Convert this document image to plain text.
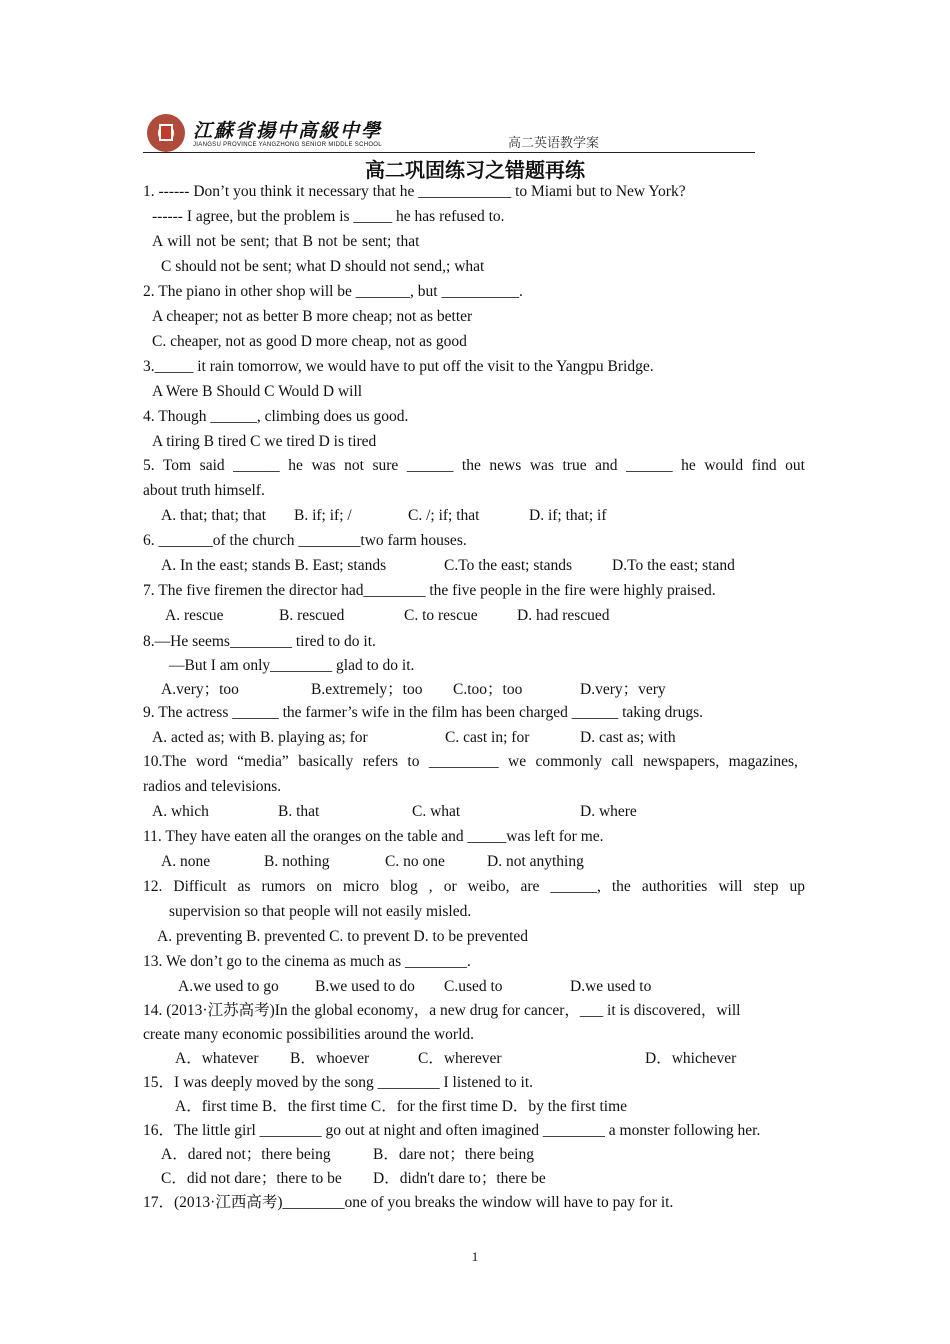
江蘇省揚中高級中學
JIANGSU PROVINCE YANGZHONG SENIOR MIDDLE SCHOOL	高二英语教学案
高二巩固练习之错题再练
1. ------ Don’t you think it necessary that he ____________ to Miami but to New York?
------ I agree, but the problem is _____ he has refused to.
A will not be sent; that B not be sent; that
C should not be sent; what D should not send,; what
2. The piano in other shop will be _______, but __________.
A cheaper; not as better B more cheap; not as better
C. cheaper, not as good D more cheap, not as good
3._____ it rain tomorrow, we would have to put off the visit to the Yangpu Bridge.
A Were B Should C Would D will
4. Though ______, climbing does us good.
A tiring B tired C we tired D is tired
5. Tom said ______ he was not sure ______ the news was true and ______ he would find out
about truth himself.
A. that; that; that B. if; if; /	C. /; if; that	D. if; that; if
6. _______of the church ________two farm houses.
A. In the east; stands B. East; stands	C.To the east; stands	D.To the east; stand
7. The five firemen the director had________ the five people in the fire were highly praised.
A. rescue	B. rescued	C. to rescue	D. had rescued
8.—He seems________ tired to do it.
—But I am only________ glad to do it.
A.very；too	B.extremely；too C.too；too	D.very；very
9. The actress ______ the farmer’s wife in the film has been charged ______ taking drugs.
A. acted as; with B. playing as; for	C. cast in; for	D. cast as; with
10.The word “media” basically refers to _________ we commonly call newspapers, magazines,
radios and televisions.
A. which	B. that	C. what	D. where
11. They have eaten all the oranges on the table and _____was left for me.
A. none	B. nothing	C. no one	D. not anything
12. Difficult as rumors on micro blog , or weibo, are ______, the authorities will step up
supervision so that people will not easily misled.
A. preventing B. prevented C. to prevent D. to be prevented
13. We don’t go to the cinema as much as ________.
A.we used to go B.we used to do C.used to	D.we used to
14. (2013·江苏高考)In the global economy，a new drug for cancer，___ it is discovered，will
create many economic possibilities around the world.
A．whatever B．whoever	C．wherever	D．whichever
15．I was deeply moved by the song ________ I listened to it.
A．first time B．the first time C．for the first time D．by the first time
16．The little girl ________ go out at night and often imagined ________ a monster following her.
A．dared not；there being	B．dare not；there being
C．did not dare；there to be D．didn't dare to；there be
17．(2013·江西高考)________one of you breaks the window will have to pay for it.
1
